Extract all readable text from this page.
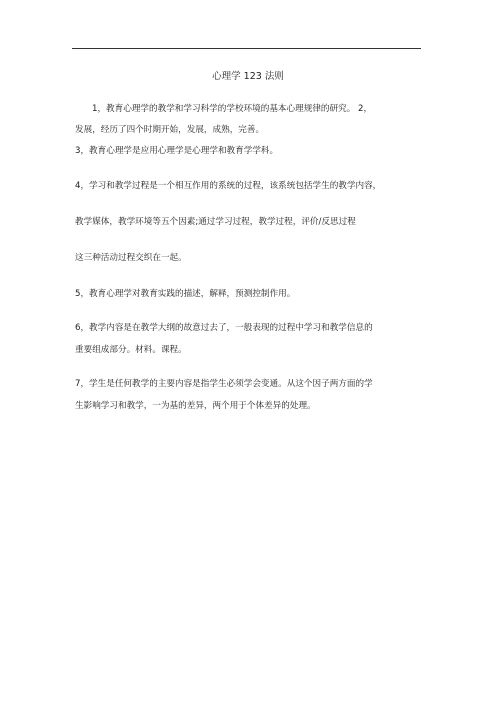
心理学 123 法则

1，教育心理学的教学和学习科学的学校环境的基本心理规律的研究。 2，

发展，经历了四个时期开始，发展，成熟，完善。

3，教育心理学是应用心理学是心理学和教育学学科。

4，学习和教学过程是一个相互作用的系统的过程，该系统包括学生的教学内容，

教学媒体，教学环境等五个因素;通过学习过程，教学过程，评价/反思过程

这三种活动过程交织在一起。

5，教育心理学对教育实践的描述，解释，预测控制作用。

6，教学内容是在教学大纲的故意过去了，一般表现的过程中学习和教学信息的

重要组成部分。材料。课程。

7，学生是任何教学的主要内容是指学生必须学会变通。从这个因子两方面的学

生影响学习和教学，一为基的差异，两个用于个体差异的处理。
